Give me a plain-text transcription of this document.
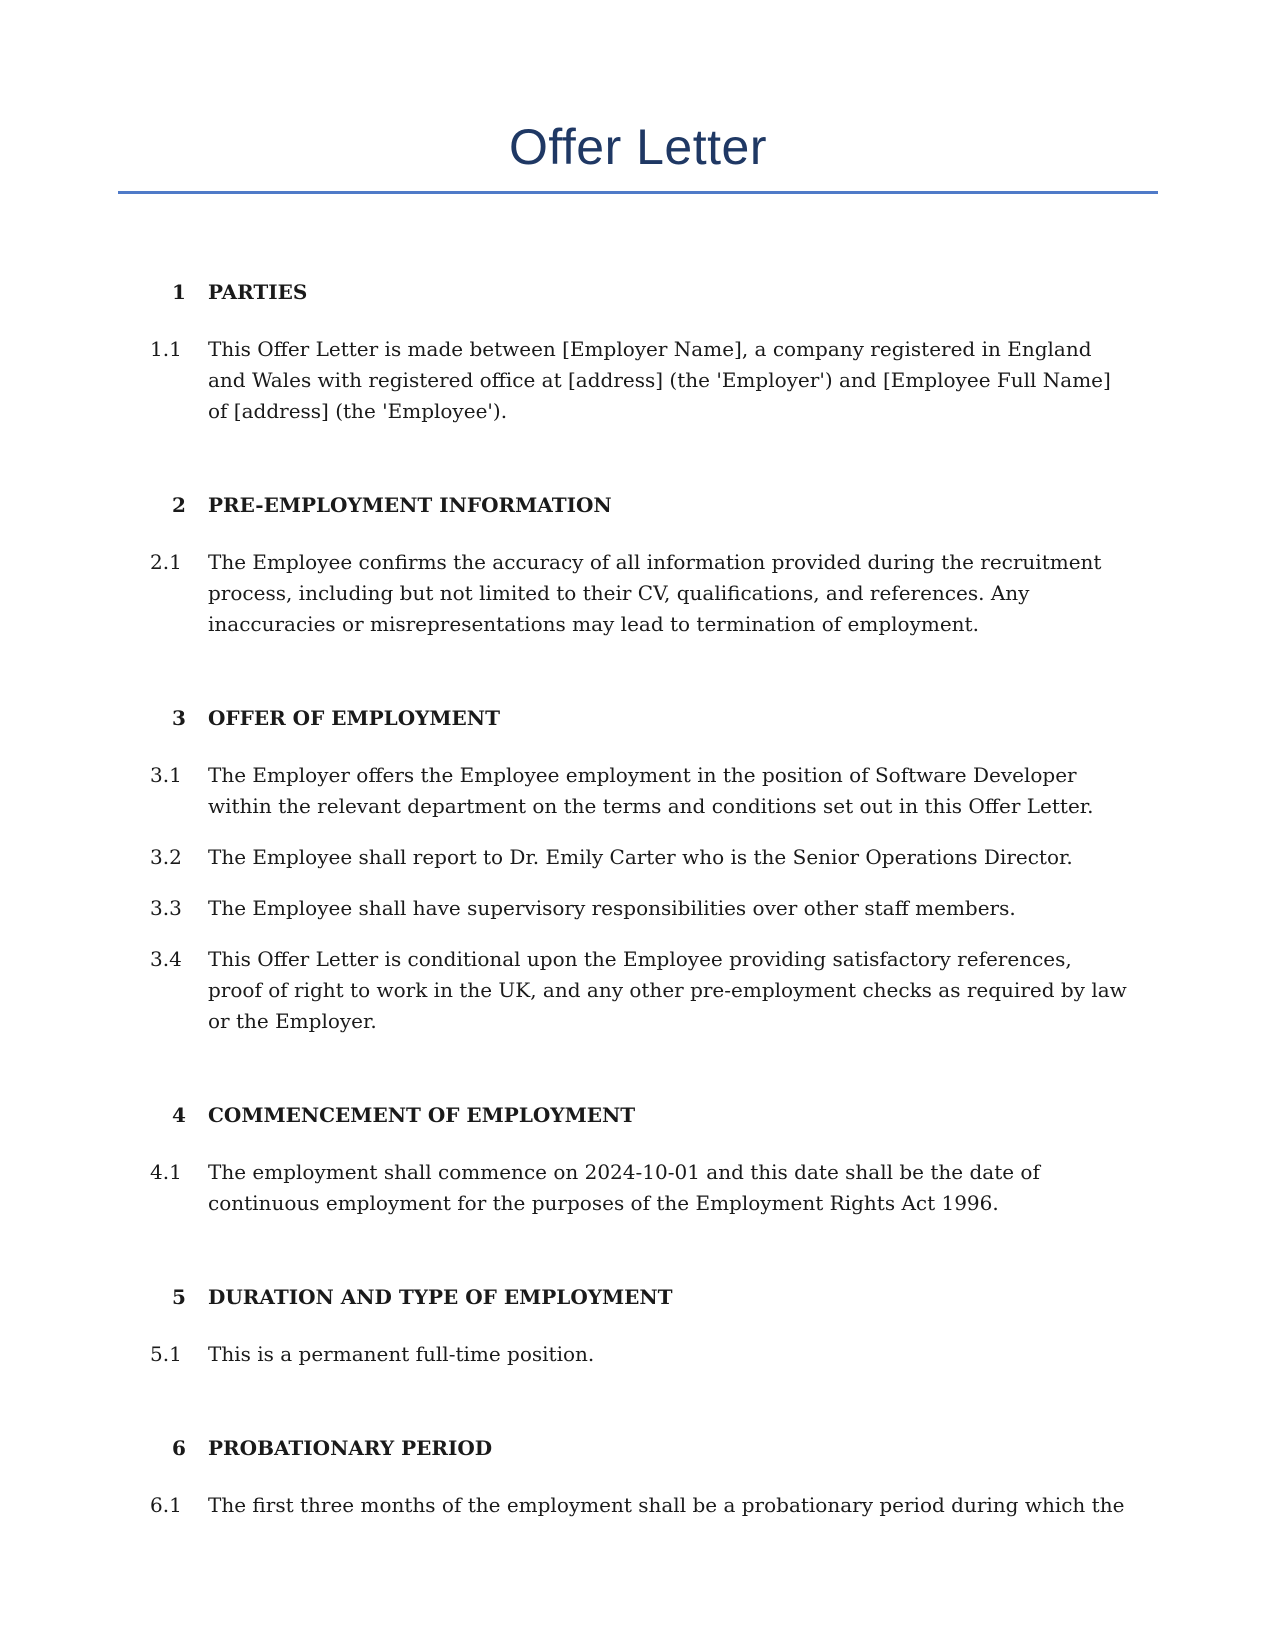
Offer Letter
1	PARTIES
1.1	This Offer Letter is made between [Employer Name], a company registered in England and Wales with registered office at [address] (the 'Employer') and [Employee Full Name] of [address] (the 'Employee').
2	PRE-EMPLOYMENT INFORMATION
2.1	The Employee confirms the accuracy of all information provided during the recruitment process, including but not limited to their CV, qualifications, and references. Any inaccuracies or misrepresentations may lead to termination of employment.
3	OFFER OF EMPLOYMENT
3.1	The Employer offers the Employee employment in the position of Software Developer within the relevant department on the terms and conditions set out in this Offer Letter.
3.2	The Employee shall report to Dr. Emily Carter who is the Senior Operations Director.
3.3	The Employee shall have supervisory responsibilities over other staff members.
3.4	This Offer Letter is conditional upon the Employee providing satisfactory references, proof of right to work in the UK, and any other pre-employment checks as required by law or the Employer.
4	COMMENCEMENT OF EMPLOYMENT
4.1	The employment shall commence on 2024-10-01 and this date shall be the date of continuous employment for the purposes of the Employment Rights Act 1996.
5	DURATION AND TYPE OF EMPLOYMENT
5.1	This is a permanent full-time position.
6	PROBATIONARY PERIOD
6.1	The first three months of the employment shall be a probationary period during which the
